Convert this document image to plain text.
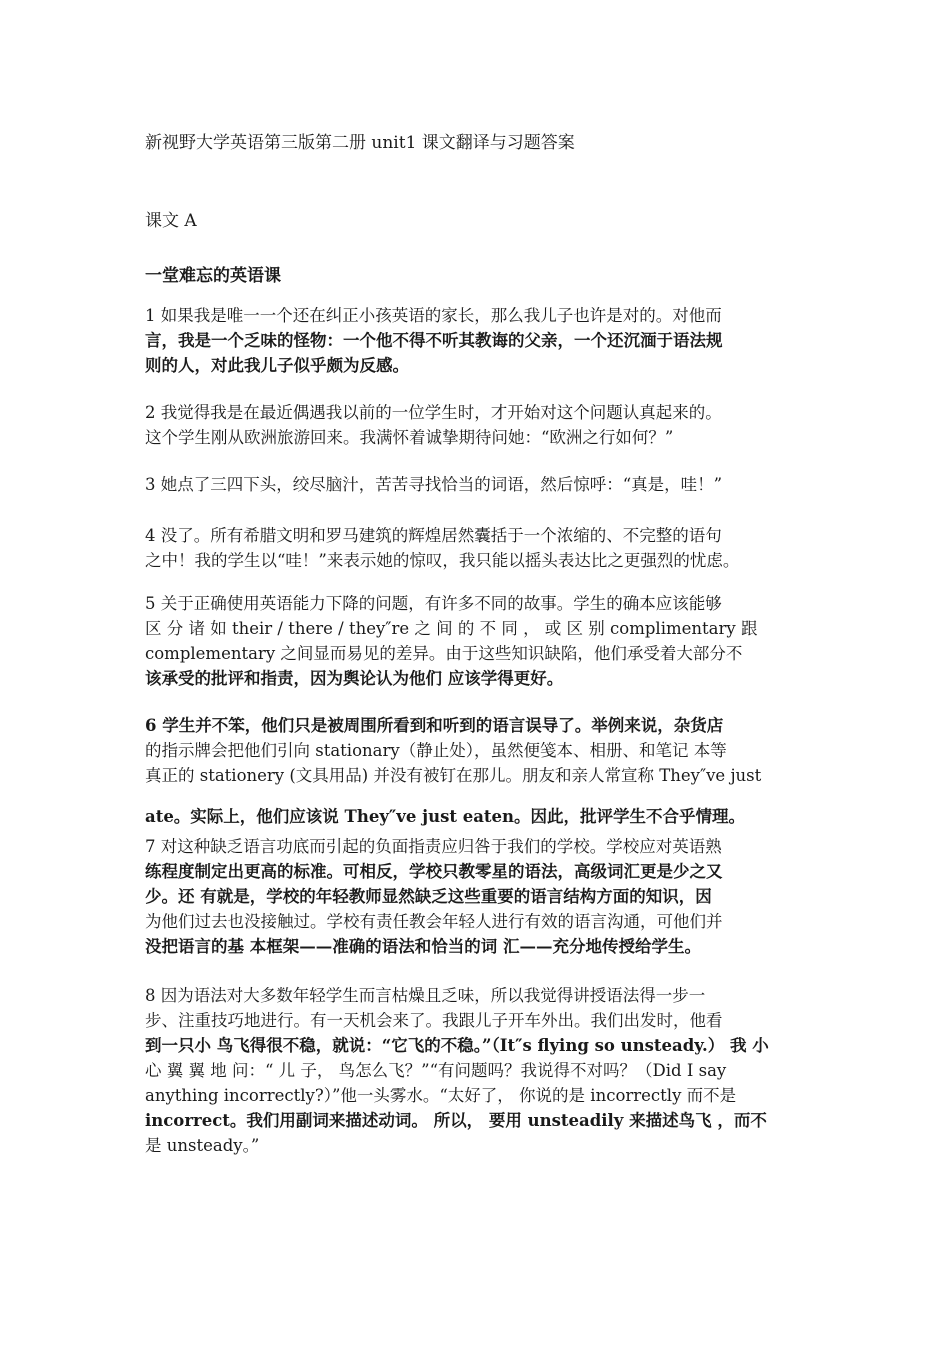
新视野大学英语第三版第二册 unit1 课文翻译与习题答案
课文 A
一堂难忘的英语课
1 如果我是唯一一个还在纠正小孩英语的家长，那么我儿子也许是对的。对他而
言，我是一个乏味的怪物：一个他不得不听其教诲的父亲，一个还沉湎于语法规
则的人，对此我儿子似乎颇为反感。
2 我觉得我是在最近偶遇我以前的一位学生时，才开始对这个问题认真起来的。
这个学生刚从欧洲旅游回来。我满怀着诚挚期待问她：“欧洲之行如何？”
3 她点了三四下头，绞尽脑汁，苦苦寻找恰当的词语，然后惊呼：“真是，哇！”
4 没了。所有希腊文明和罗马建筑的辉煌居然囊括于一个浓缩的、不完整的语句
之中！我的学生以“哇！”来表示她的惊叹，我只能以摇头表达比之更强烈的忧虑。
5 关于正确使用英语能力下降的问题，有许多不同的故事。学生的确本应该能够
区 分 诸 如 their / there / they″re 之 间 的 不 同 ， 或 区 别 complimentary 跟
complementary 之间显而易见的差异。由于这些知识缺陷，他们承受着大部分不
该承受的批评和指责，因为舆论认为他们 应该学得更好。
6 学生并不笨，他们只是被周围所看到和听到的语言误导了。举例来说，杂货店
的指示牌会把他们引向 stationary（静止处），虽然便笺本、相册、和笔记 本等
真正的 stationery (文具用品) 并没有被钉在那儿。朋友和亲人常宣称 They″ve just
ate。实际上，他们应该说 They″ve just eaten。因此，批评学生不合乎情理。
7 对这种缺乏语言功底而引起的负面指责应归咎于我们的学校。学校应对英语熟
练程度制定出更高的标准。可相反，学校只教零星的语法，高级词汇更是少之又
少。还 有就是，学校的年轻教师显然缺乏这些重要的语言结构方面的知识，因
为他们过去也没接触过。学校有责任教会年轻人进行有效的语言沟通，可他们并
没把语言的基 本框架——准确的语法和恰当的词 汇——充分地传授给学生。
8 因为语法对大多数年轻学生而言枯燥且乏味，所以我觉得讲授语法得一步一
步、注重技巧地进行。有一天机会来了。我跟儿子开车外出。我们出发时，他看
到一只小 鸟飞得很不稳，就说：“它飞的不稳。”（It″s flying so unsteady.） 我 小
心 翼 翼 地 问：“ 儿 子， 鸟怎么飞？”“有问题吗？我说得不对吗？（Did I say
anything incorrectly?）”他一头雾水。“太好了， 你说的是 incorrectly 而不是
incorrect。我们用副词来描述动词。 所以， 要用 unsteadily 来描述鸟飞 ，而不
是 unsteady。”
